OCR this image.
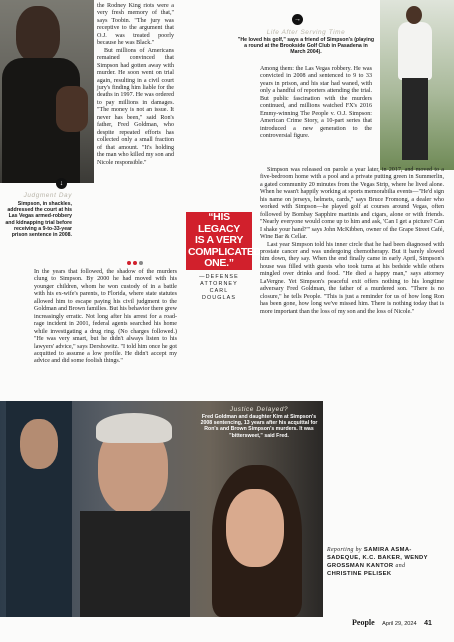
↓
Judgment Day
Simpson, in shackles, addressed the court at his Las Vegas armed-robbery and kidnapping trial before receiving a 9-to-33-year prison sentence in 2008.

the Rodney King riots were a very fresh memory of that," says Toobin. "The jury was receptive to the argument that O.J. was treated poorly because he was Black."

But millions of Americans remained convinced that Simpson had gotten away with murder. He soon went on trial again, resulting in a civil court jury's finding him liable for the deaths in 1997. He was ordered to pay millions in damages. "The money is not an issue. It never has been," said Ron's father, Fred Goldman, who despite repeated efforts has collected only a small fraction of that amount. "It's holding the man who killed my son and Nicole responsible."

“HIS LEGACY
IS A VERY
COMPLICATED
ONE.”
—DEFENSE
ATTORNEY
CARL
DOUGLAS

In the years that followed, the shadow of the murders clung to Simpson. By 2000 he had moved with his younger children, whom he won custody of in a battle with his ex-wife's parents, to Florida, where state statutes allowed him to escape paying his civil judgment to the Goldman and Brown families. But his behavior there grew increasingly erratic. Not long after his arrest for a road-rage incident in 2001, federal agents searched his home while investigating a drug ring. (No charges followed.) "He was very smart, but he didn't always listen to his lawyers' advice," says Dershowitz. "I told him once he got acquitted to assume a low profile. He didn't accept my advice and did some foolish things."

→
Life After Serving Time
"He loved his golf," says a friend of Simpson's (playing a round at the Brookside Golf Club in Pasadena in March 2004).

Among them: the Las Vegas robbery. He was convicted in 2008 and sentenced to 9 to 33 years in prison, and his star had waned, with only a handful of reporters attending the trial. But public fascination with the murders continued, and millions watched FX's 2016 Emmy-winning The People v. O.J. Simpson: American Crime Story, a 10-part series that introduced a new generation to the controversial figure.

Simpson was released on parole a year later, in 2017, and moved to a five-bedroom home with a pool and a private putting green in Summerlin, a gated community 20 minutes from the Vegas Strip, where he lived alone. When he wasn't happily working at sports memorabilia events—"He'd sign his name on jerseys, helmets, cards," says Bruce Fromong, a dealer who worked with Simpson—he played golf at courses around Vegas, often followed by Bombay Sapphire martinis and cigars, alone or with friends. "Nearly everyone would come up to him and ask, 'Can I get a picture? Can I shake your hand?'" says John McKibben, owner of the Grape Street Café, Wine Bar & Cellar.

Last year Simpson told his inner circle that he had been diagnosed with prostate cancer and was undergoing chemotherapy. But it barely slowed him down, they say. When the end finally came in early April, Simpson's house was filled with guests who took turns at his bedside while others mingled over drinks and food. "He died a happy man," says attorney LaVergne. Yet Simpson's peaceful exit offers nothing to his longtime adversary Fred Goldman, the father of a murdered son. "There is no closure," he tells People. "This is just a reminder for us of how long Ron has been gone, how long we've missed him. There is nothing today that is more important than the loss of my son and the loss of Nicole."

Justice Delayed?
Fred Goldman and daughter Kim at Simpson's 2008 sentencing, 13 years after his acquittal for Ron's and Brown Simpson's murders. It was "bittersweet," said Fred.
Reporting by SAMIRA ASMA-SADEQUE, K.C. BAKER, WENDY GROSSMAN KANTOR and CHRISTINE PELISEK
People April 29, 2024 41
